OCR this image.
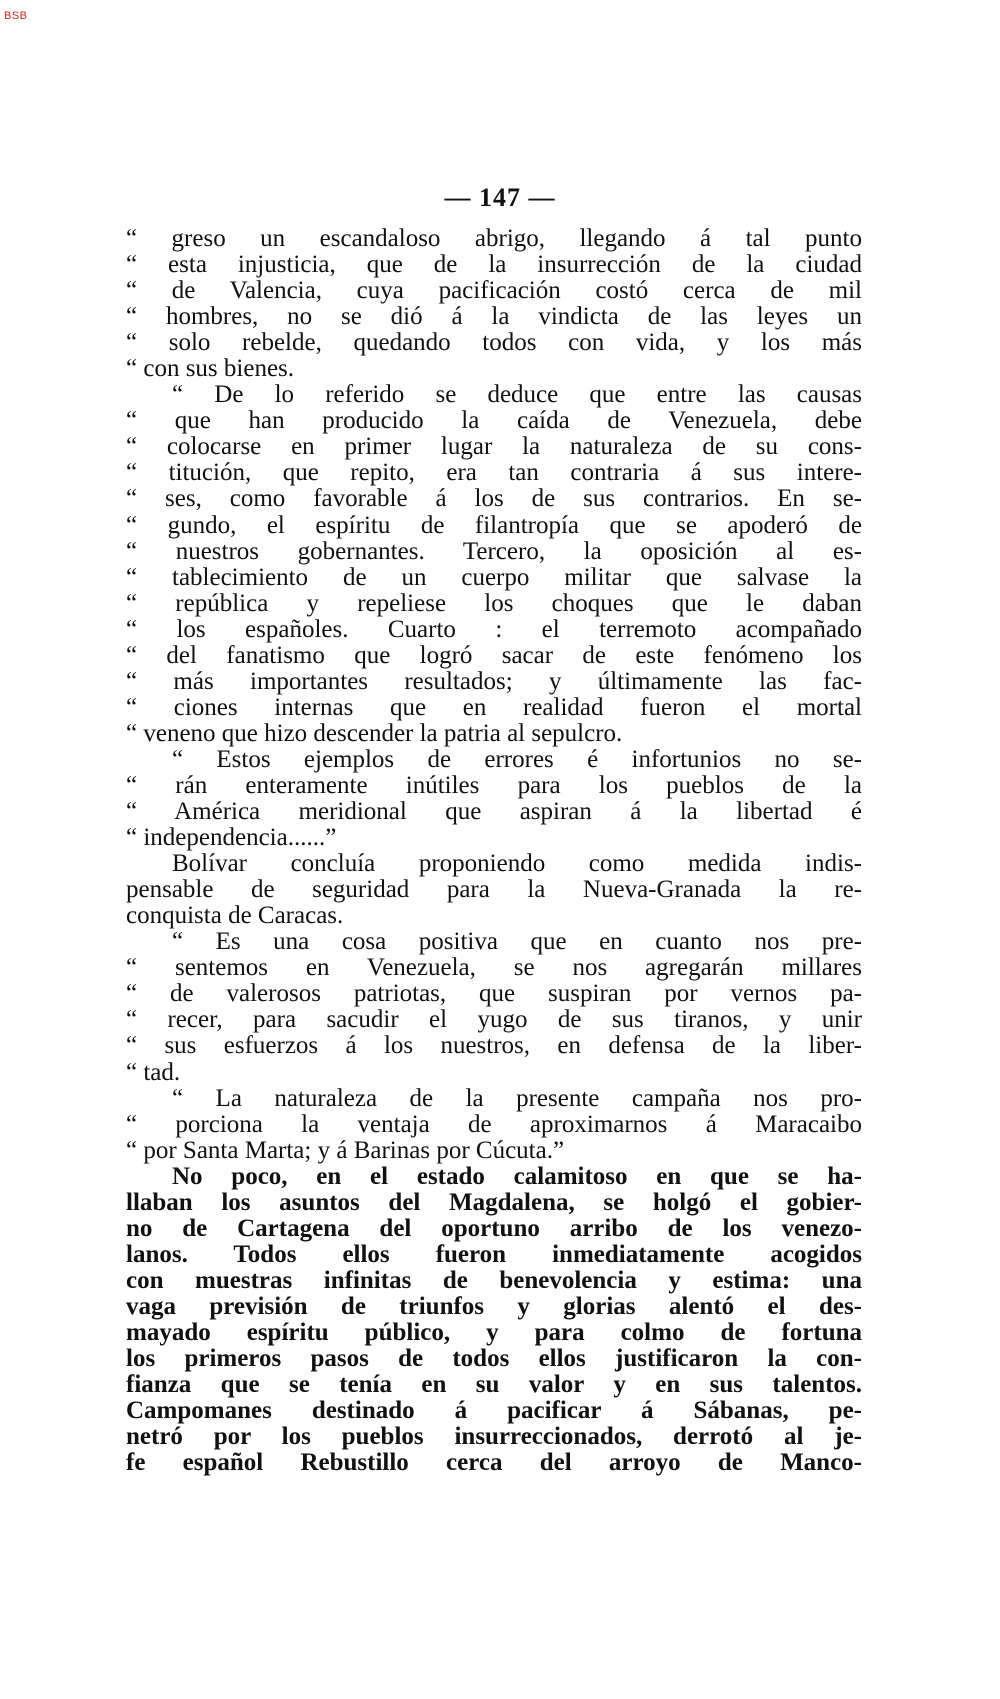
BSB
— 147 —
“ greso un escandaloso abrigo, llegando á tal punto
“ esta injusticia, que de la insurrección de la ciudad
“ de Valencia, cuya pacificación costó cerca de mil
“ hombres, no se dió á la vindicta de las leyes un
“ solo rebelde, quedando todos con vida, y los más
“ con sus bienes.
“ De lo referido se deduce que entre las causas
“ que han producido la caída de Venezuela, debe
“ colocarse en primer lugar la naturaleza de su cons-
“ titución, que repito, era tan contraria á sus intere-
“ ses, como favorable á los de sus contrarios. En se-
“ gundo, el espíritu de filantropía que se apoderó de
“ nuestros gobernantes. Tercero, la oposición al es-
“ tablecimiento de un cuerpo militar que salvase la
“ república y repeliese los choques que le daban
“ los españoles. Cuarto : el terremoto acompañado
“ del fanatismo que logró sacar de este fenómeno los
“ más importantes resultados; y últimamente las fac-
“ ciones internas que en realidad fueron el mortal
“ veneno que hizo descender la patria al sepulcro.
“ Estos ejemplos de errores é infortunios no se-
“ rán enteramente inútiles para los pueblos de la
“ América meridional que aspiran á la libertad é
“ independencia......”
Bolívar concluía proponiendo como medida indis-
pensable de seguridad para la Nueva-Granada la re-
conquista de Caracas.
“ Es una cosa positiva que en cuanto nos pre-
“ sentemos en Venezuela, se nos agregarán millares
“ de valerosos patriotas, que suspiran por vernos pa-
“ recer, para sacudir el yugo de sus tiranos, y unir
“ sus esfuerzos á los nuestros, en defensa de la liber-
“ tad.
“ La naturaleza de la presente campaña nos pro-
“ porciona la ventaja de aproximarnos á Maracaibo
“ por Santa Marta; y á Barinas por Cúcuta.”
No poco, en el estado calamitoso en que se ha-
llaban los asuntos del Magdalena, se holgó el gobier-
no de Cartagena del oportuno arribo de los venezo-
lanos. Todos ellos fueron inmediatamente acogidos
con muestras infinitas de benevolencia y estima: una
vaga previsión de triunfos y glorias alentó el des-
mayado espíritu público, y para colmo de fortuna
los primeros pasos de todos ellos justificaron la con-
fianza que se tenía en su valor y en sus talentos.
Campomanes destinado á pacificar á Sábanas, pe-
netró por los pueblos insurreccionados, derrotó al je-
fe español Rebustillo cerca del arroyo de Manco-
